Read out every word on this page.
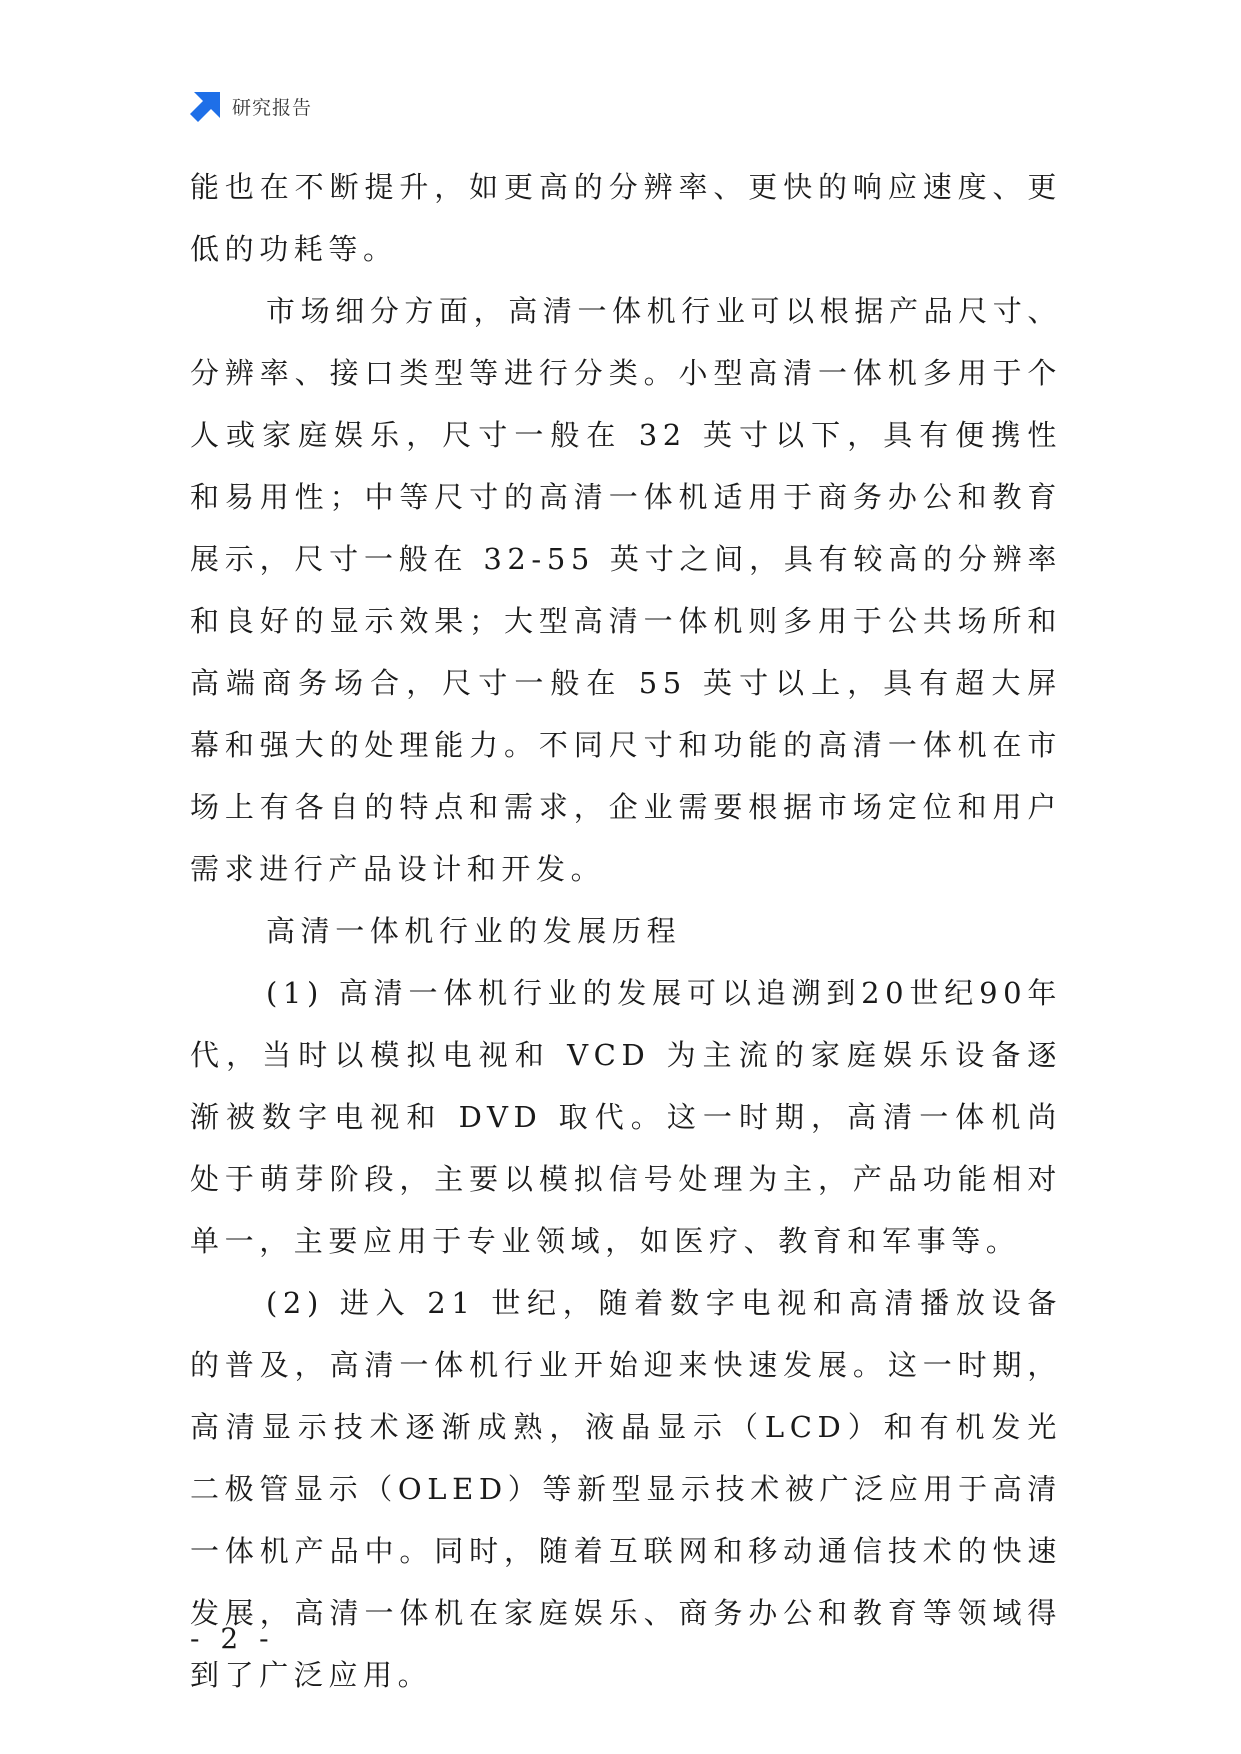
研究报告

能也在不断提升，如更高的分辨率、更快的响应速度、更低的功耗等。

市场细分方面，高清一体机行业可以根据产品尺寸、分辨率、接口类型等进行分类。小型高清一体机多用于个人或家庭娱乐，尺寸一般在 32 英寸以下，具有便携性和易用性；中等尺寸的高清一体机适用于商务办公和教育展示，尺寸一般在 32-55 英寸之间，具有较高的分辨率和良好的显示效果；大型高清一体机则多用于公共场所和高端商务场合，尺寸一般在 55 英寸以上，具有超大屏幕和强大的处理能力。不同尺寸和功能的高清一体机在市场上有各自的特点和需求，企业需要根据市场定位和用户需求进行产品设计和开发。

高清一体机行业的发展历程

(1) 高清一体机行业的发展可以追溯到20世纪90年代，当时以模拟电视和 VCD 为主流的家庭娱乐设备逐渐被数字电视和 DVD 取代。这一时期，高清一体机尚处于萌芽阶段，主要以模拟信号处理为主，产品功能相对单一，主要应用于专业领域，如医疗、教育和军事等。

(2) 进入 21 世纪，随着数字电视和高清播放设备的普及，高清一体机行业开始迎来快速发展。这一时期，高清显示技术逐渐成熟，液晶显示（LCD）和有机发光二极管显示（OLED）等新型显示技术被广泛应用于高清一体机产品中。同时，随着互联网和移动通信技术的快速发展，高清一体机在家庭娱乐、商务办公和教育等领域得到了广泛应用。

- 2 -
